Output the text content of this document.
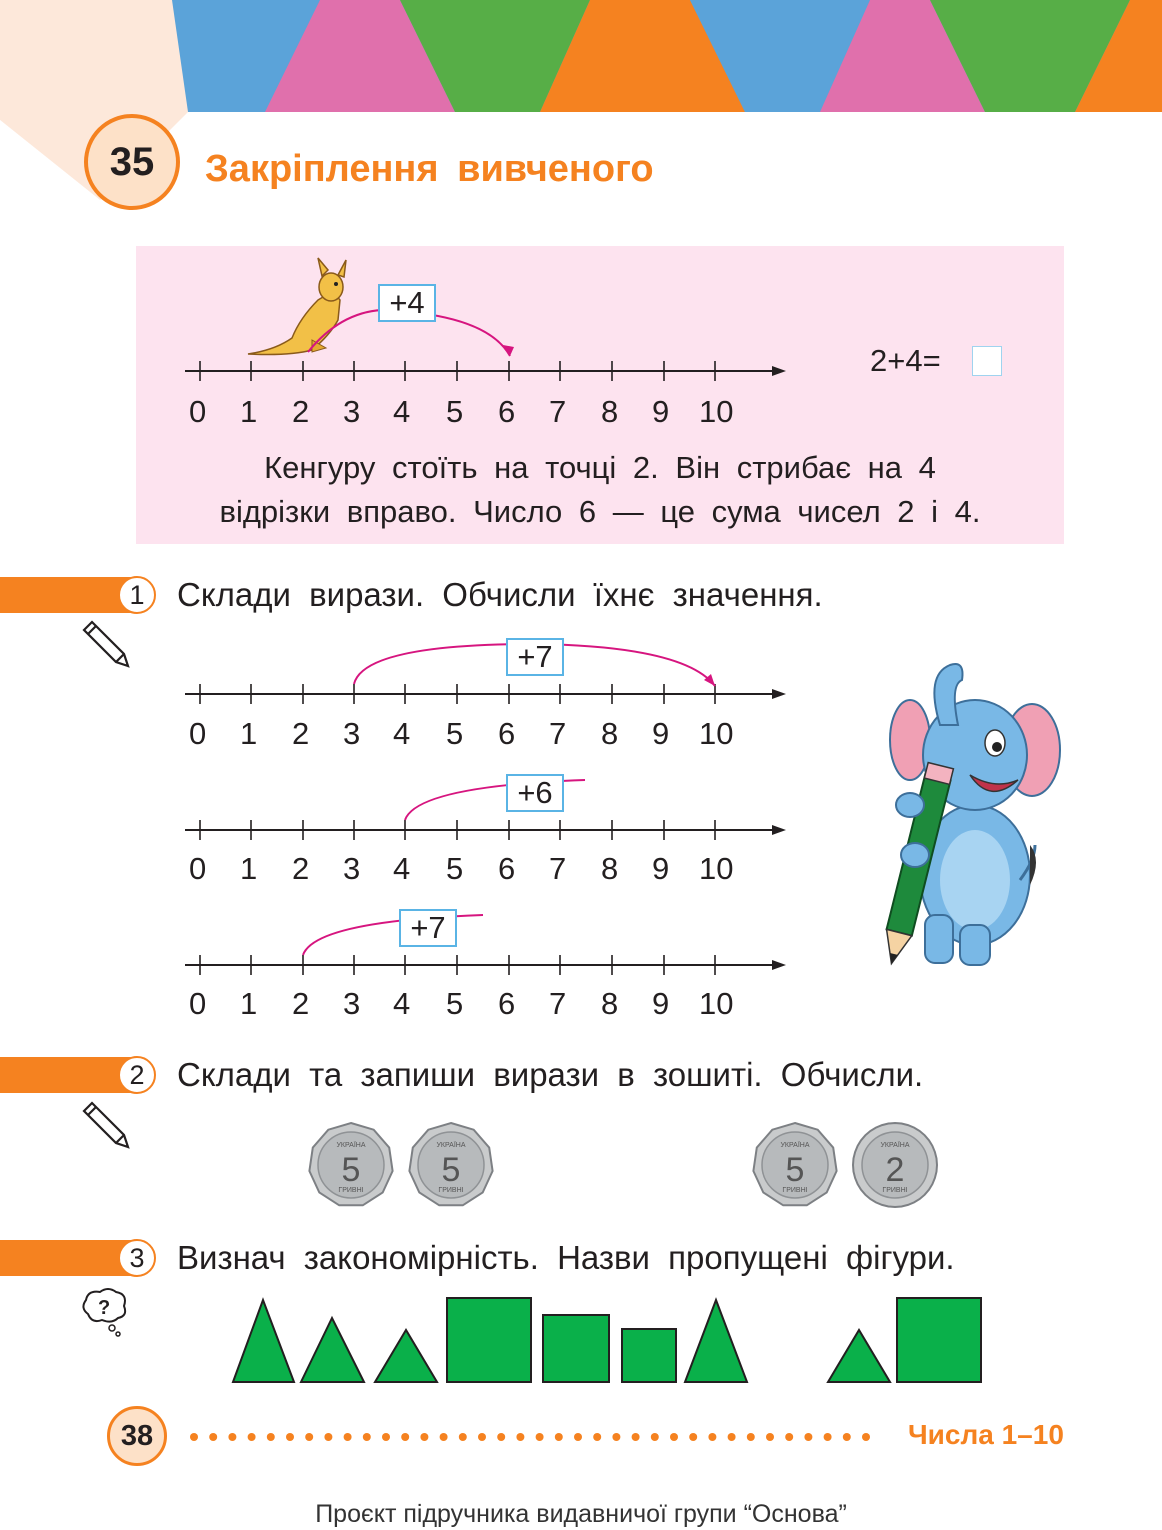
35	Закріплення вивченого
+4
2+4=
0 1 2 3 4 5 6 7 8 9 10
Кенгуру стоїть на точці 2. Він стрибає на 4
відрізки вправо. Число 6 — це сума чисел 2 і 4.
1 Склади вирази. Обчисли їхнє значення.
+7
0 1 2 3 4 5 6 7 8 9 10
+6
0 1 2 3 4 5 6 7 8 9 10
+7
0 1 2 3 4 5 6 7 8 9 10
2 Склади та запиши вирази в зошиті. Обчисли.
УКРАЇНА
5
ГРИВНІ
УКРАЇНА
5
ГРИВНІ
УКРАЇНА
5
ГРИВНІ
УКРАЇНА
2
ГРИВНІ
3 Визнач закономірність. Назви пропущені фігури.
?
38	Числа 1–10
Проєкт підручника видавничої групи “Основа”
